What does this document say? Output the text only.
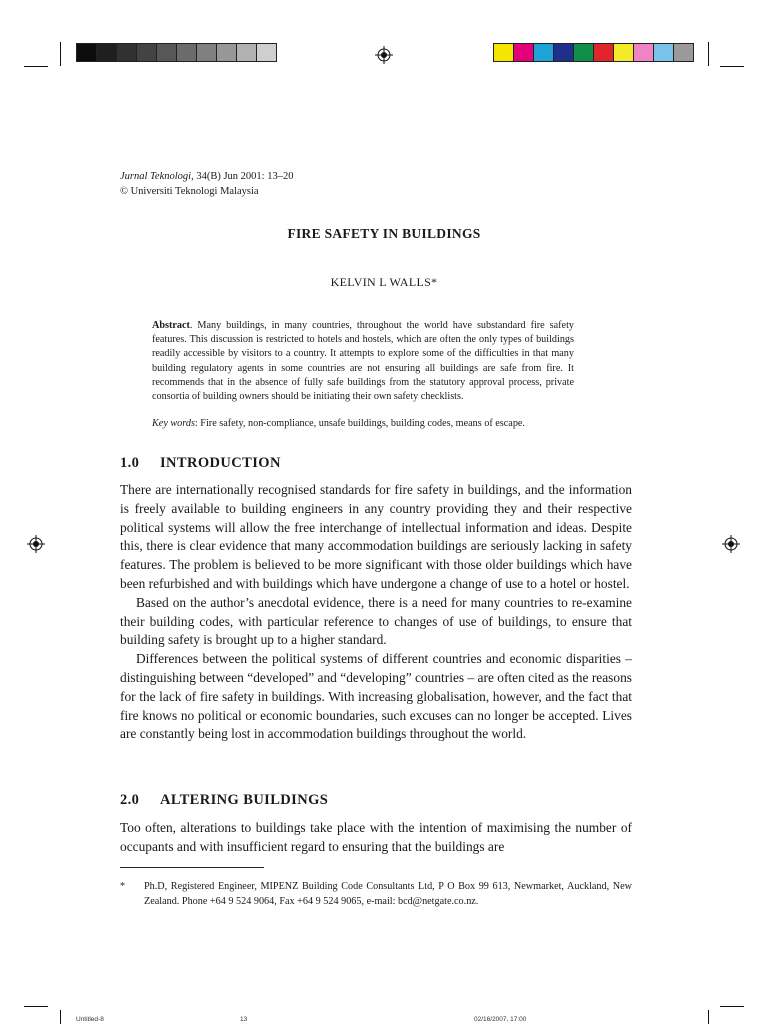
Jurnal Teknologi, 34(B) Jun 2001: 13–20
© Universiti Teknologi Malaysia
FIRE SAFETY IN BUILDINGS
KELVIN L WALLS*
Abstract. Many buildings, in many countries, throughout the world have substandard fire safety features. This discussion is restricted to hotels and hostels, which are often the only types of buildings readily accessible by visitors to a country. It attempts to explore some of the difficulties in that many building regulatory agents in some countries are not ensuring all buildings are safe from fire. It recommends that in the absence of fully safe buildings from the statutory approval process, private consortia of building owners should be initiating their own safety checklists.
Key words: Fire safety, non-compliance, unsafe buildings, building codes, means of escape.
1.0 INTRODUCTION

There are internationally recognised standards for fire safety in buildings, and the information is freely available to building engineers in any country providing they and their respective political systems will allow the free interchange of intellectual information and ideas. Despite this, there is clear evidence that many accommodation buildings are seriously lacking in safety features. The problem is believed to be more significant with those older buildings which have been refurbished and with buildings which have undergone a change of use to a hotel or hostel.

Based on the author’s anecdotal evidence, there is a need for many countries to re-examine their building codes, with particular reference to changes of use of buildings, to ensure that building safety is brought up to a higher standard.

Differences between the political systems of different countries and economic disparities – distinguishing between “developed” and “developing” countries – are often cited as the reasons for the lack of fire safety in buildings. With increasing globalisation, however, and the fact that fire knows no political or economic boundaries, such excuses can no longer be accepted. Lives are constantly being lost in accommodation buildings throughout the world.

2.0 ALTERING BUILDINGS

Too often, alterations to buildings take place with the intention of maximising the number of occupants and with insufficient regard to ensuring that the buildings are

* Ph.D, Registered Engineer, MIPENZ Building Code Consultants Ltd, P O Box 99 613, Newmarket, Auckland, New Zealand. Phone +64 9 524 9064, Fax +64 9 524 9065, e-mail: bcd@netgate.co.nz.
Untitled-8	13	02/16/2007, 17:00
